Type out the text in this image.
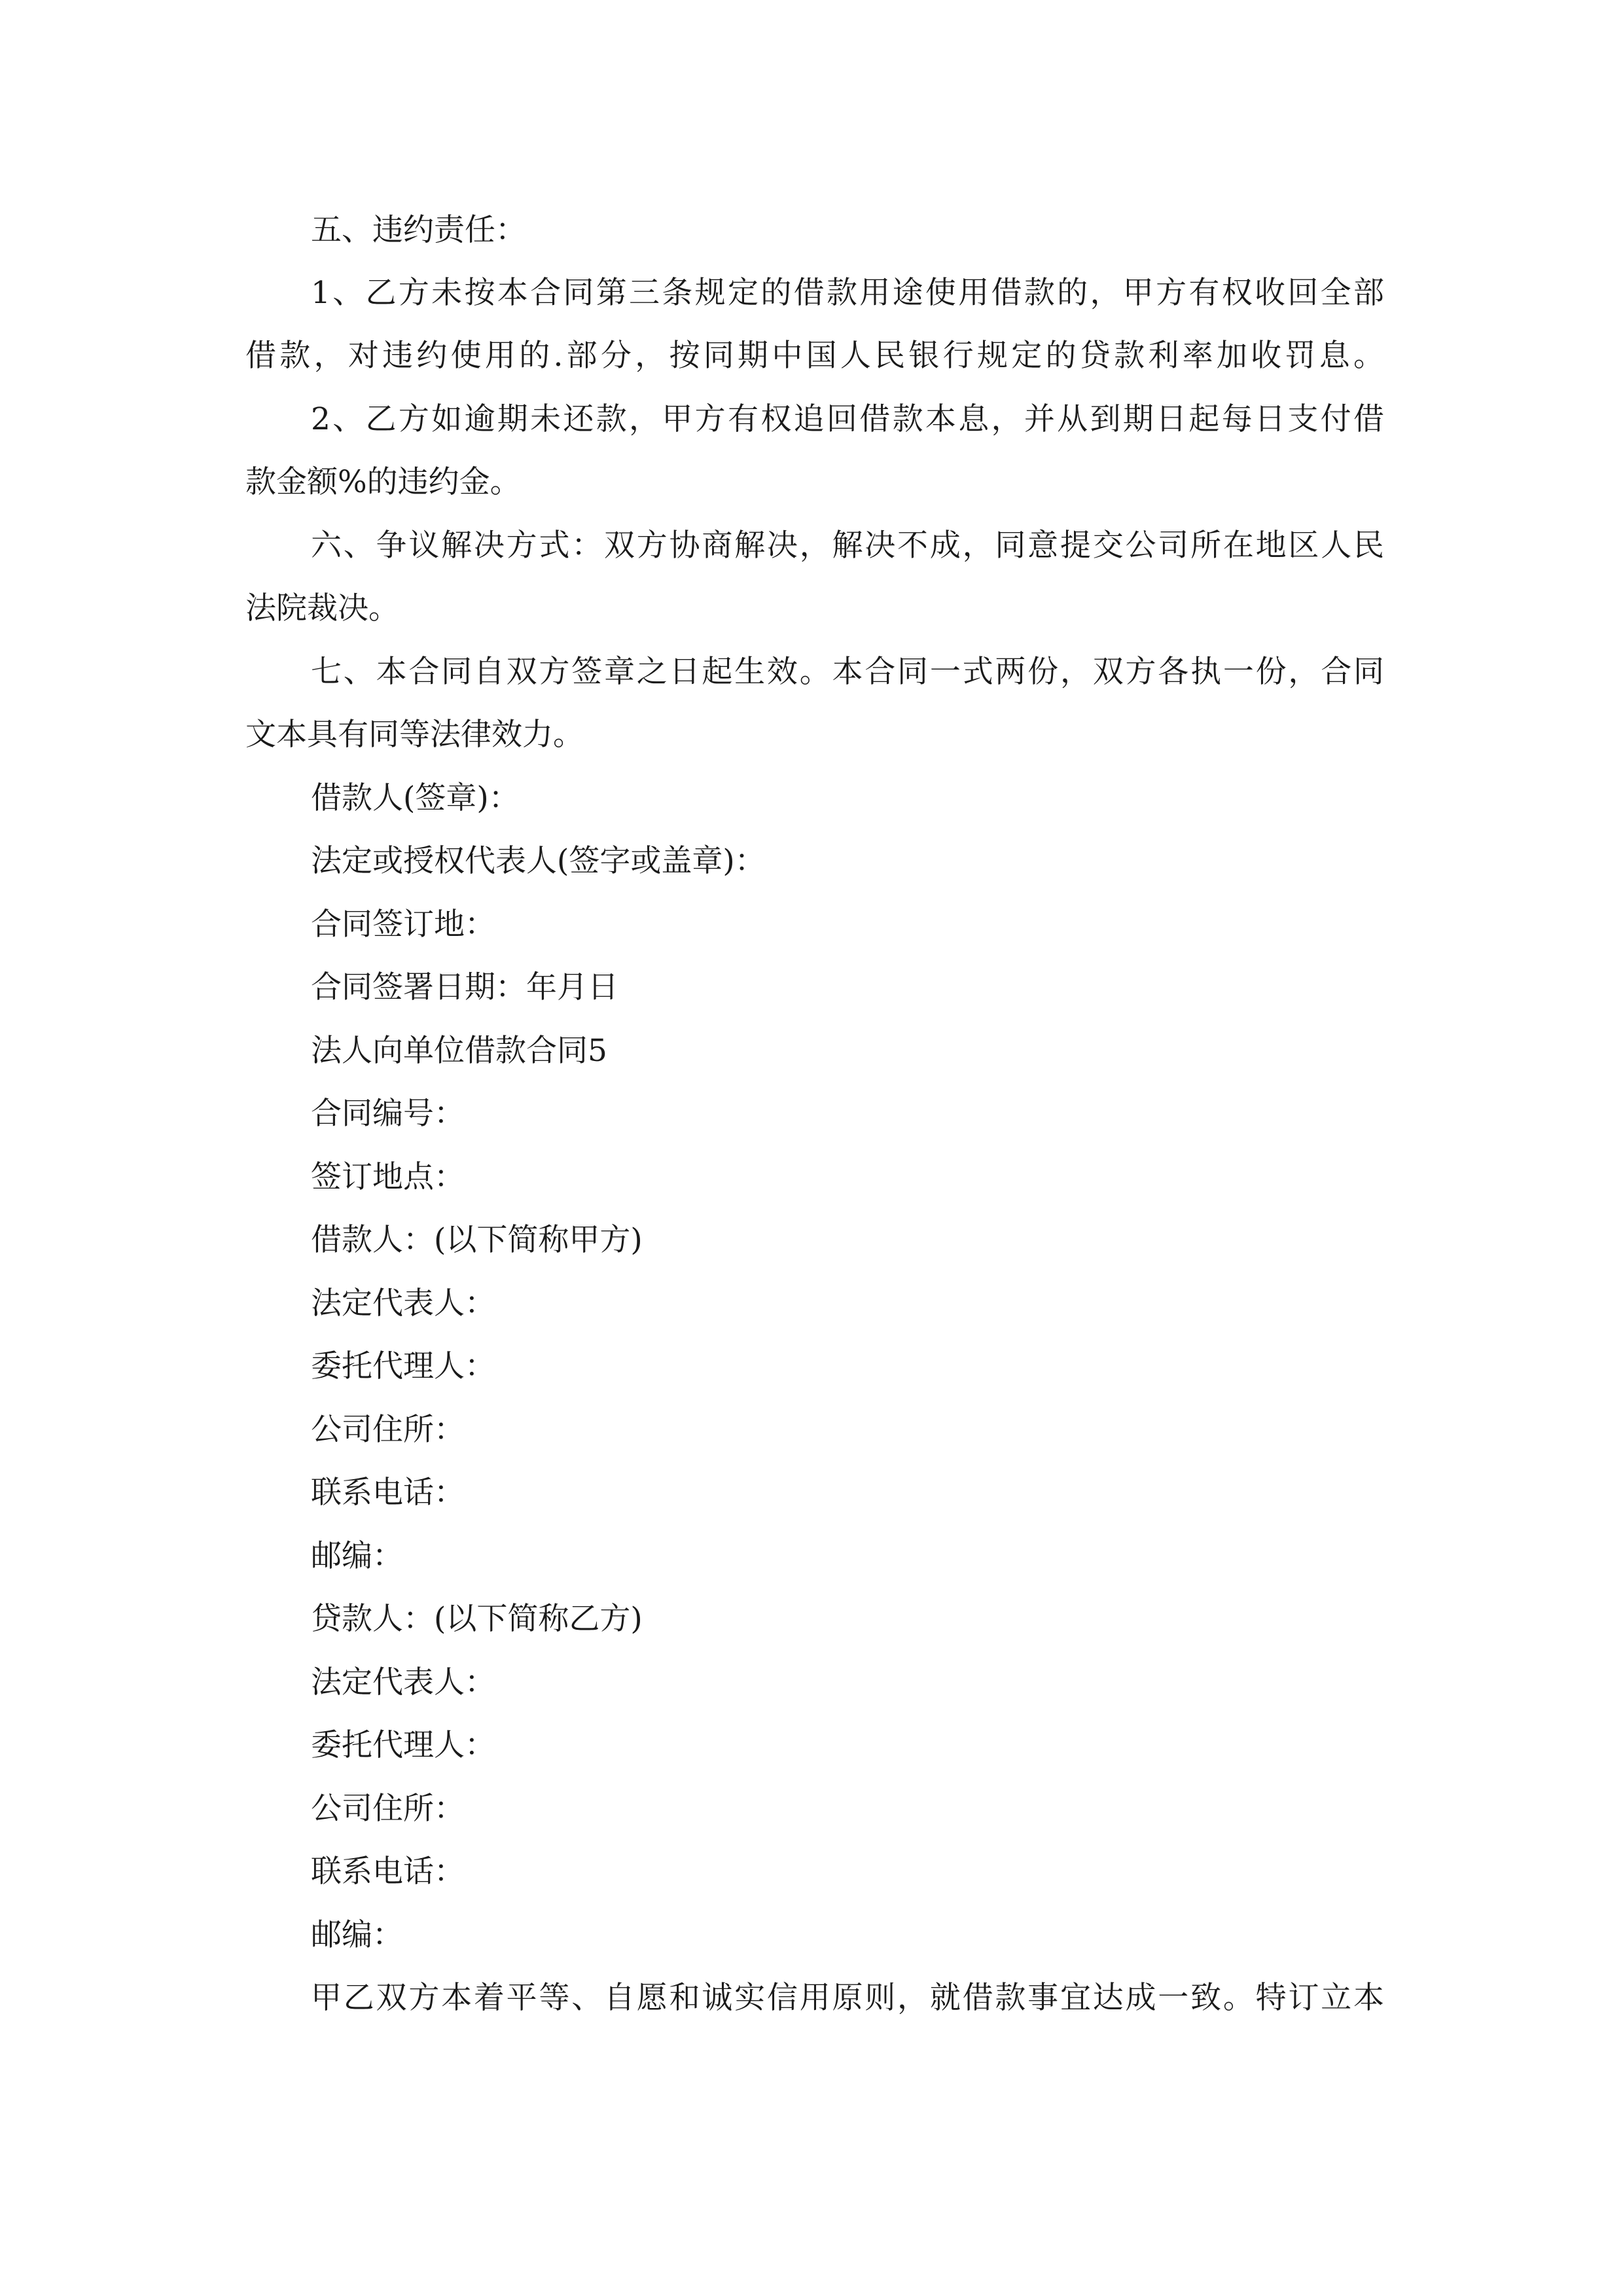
五、违约责任：
1、乙方未按本合同第三条规定的借款用途使用借款的，甲方有权收回全部
借款，对违约使用的.部分，按同期中国人民银行规定的贷款利率加收罚息。
2、乙方如逾期未还款，甲方有权追回借款本息，并从到期日起每日支付借
款金额%的违约金。
六、争议解决方式：双方协商解决，解决不成，同意提交公司所在地区人民
法院裁决。
七、本合同自双方签章之日起生效。本合同一式两份，双方各执一份，合同
文本具有同等法律效力。
借款人(签章)：
法定或授权代表人(签字或盖章)：
合同签订地：
合同签署日期：年月日
法人向单位借款合同5
合同编号：
签订地点：
借款人：(以下简称甲方)
法定代表人：
委托代理人：
公司住所：
联系电话：
邮编：
贷款人：(以下简称乙方)
法定代表人：
委托代理人：
公司住所：
联系电话：
邮编：
甲乙双方本着平等、自愿和诚实信用原则，就借款事宜达成一致。特订立本
